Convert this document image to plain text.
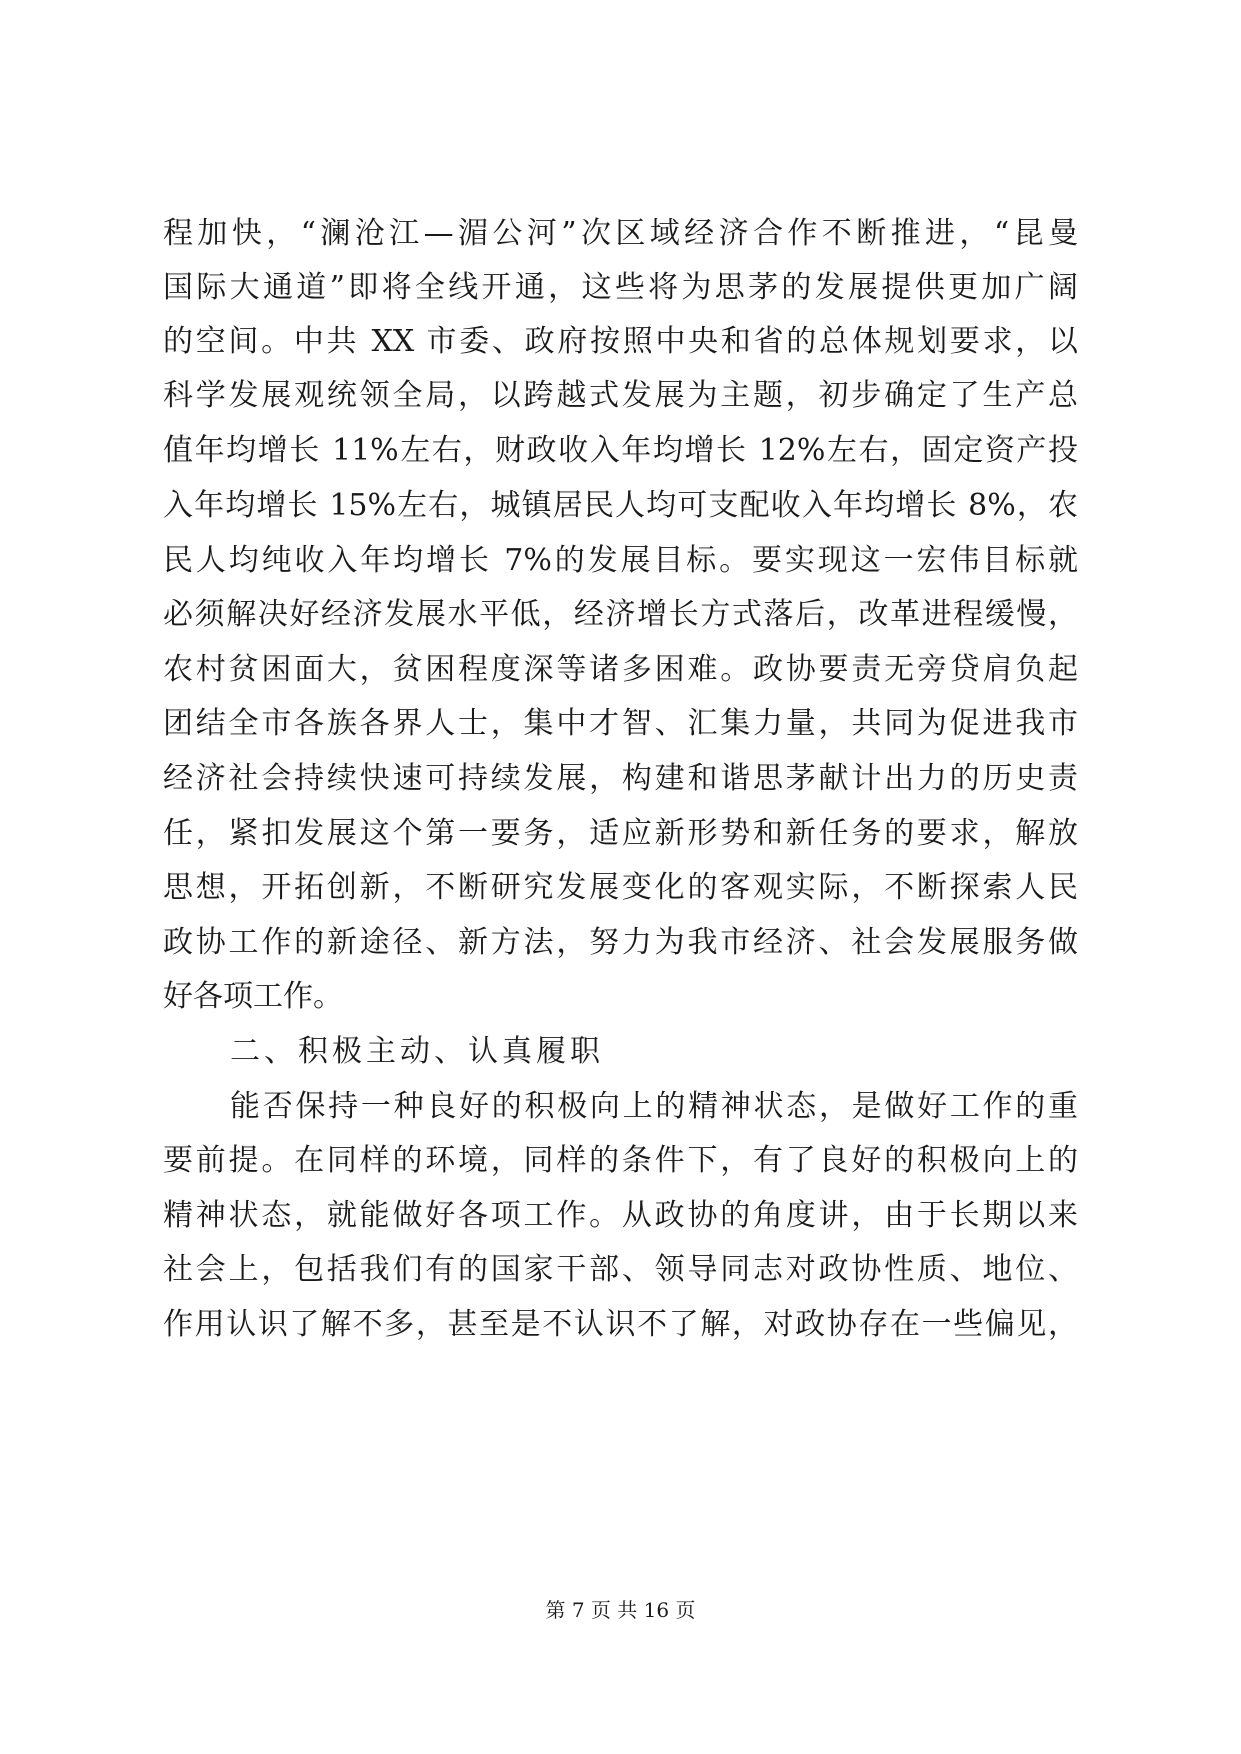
程加快，“澜沧江—湄公河”次区域经济合作不断推进，“昆曼
国际大通道”即将全线开通，这些将为思茅的发展提供更加广阔
的空间。中共 XX 市委、政府按照中央和省的总体规划要求，以
科学发展观统领全局，以跨越式发展为主题，初步确定了生产总
值年均增长 11%左右，财政收入年均增长 12%左右，固定资产投
入年均增长 15%左右，城镇居民人均可支配收入年均增长 8%，农
民人均纯收入年均增长 7%的发展目标。要实现这一宏伟目标就
必须解决好经济发展水平低，经济增长方式落后，改革进程缓慢，
农村贫困面大，贫困程度深等诸多困难。政协要责无旁贷肩负起
团结全市各族各界人士，集中才智、汇集力量，共同为促进我市
经济社会持续快速可持续发展，构建和谐思茅献计出力的历史责
任，紧扣发展这个第一要务，适应新形势和新任务的要求，解放
思想，开拓创新，不断研究发展变化的客观实际，不断探索人民
政协工作的新途径、新方法，努力为我市经济、社会发展服务做
好各项工作。
二、积极主动、认真履职
能否保持一种良好的积极向上的精神状态，是做好工作的重
要前提。在同样的环境，同样的条件下，有了良好的积极向上的
精神状态，就能做好各项工作。从政协的角度讲，由于长期以来
社会上，包括我们有的国家干部、领导同志对政协性质、地位、
作用认识了解不多，甚至是不认识不了解，对政协存在一些偏见，
第 7 页 共 16 页
